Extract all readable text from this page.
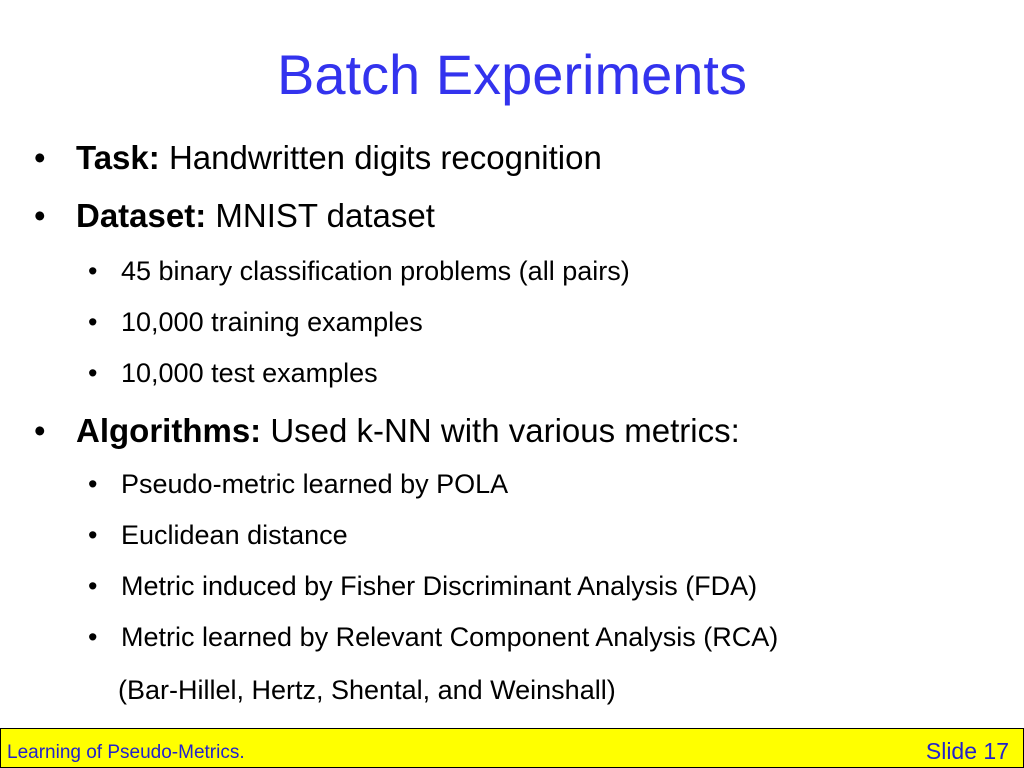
Batch Experiments
• Task: Handwritten digits recognition
• Dataset: MNIST dataset
• 45 binary classification problems (all pairs)
• 10,000 training examples
• 10,000 test examples
• Algorithms: Used k-NN with various metrics:
• Pseudo-metric learned by POLA
• Euclidean distance
• Metric induced by Fisher Discriminant Analysis (FDA)
• Metric learned by Relevant Component Analysis (RCA)
(Bar-Hillel, Hertz, Shental, and Weinshall)
Learning of Pseudo-Metrics.	Slide 17
